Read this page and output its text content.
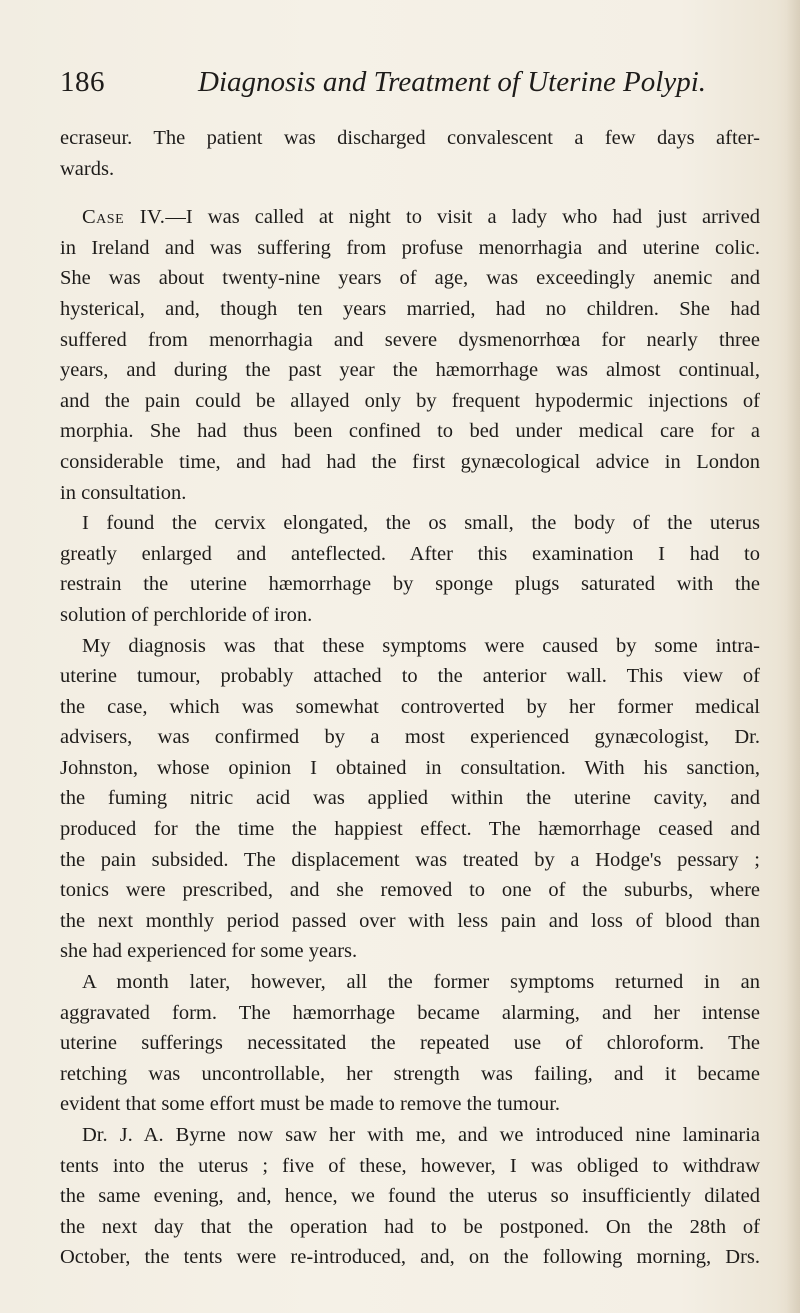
186	Diagnosis and Treatment of Uterine Polypi.
ecraseur. The patient was discharged convalescent a few days after-
wards.
Case IV.—I was called at night to visit a lady who had just arrived
in Ireland and was suffering from profuse menorrhagia and uterine colic.
She was about twenty-nine years of age, was exceedingly anemic and
hysterical, and, though ten years married, had no children. She had
suffered from menorrhagia and severe dysmenorrhœa for nearly three
years, and during the past year the hæmorrhage was almost continual,
and the pain could be allayed only by frequent hypodermic injections of
morphia. She had thus been confined to bed under medical care for a
considerable time, and had had the first gynæcological advice in London
in consultation.
I found the cervix elongated, the os small, the body of the uterus
greatly enlarged and anteflected. After this examination I had to
restrain the uterine hæmorrhage by sponge plugs saturated with the
solution of perchloride of iron.
My diagnosis was that these symptoms were caused by some intra-
uterine tumour, probably attached to the anterior wall. This view of
the case, which was somewhat controverted by her former medical
advisers, was confirmed by a most experienced gynæcologist, Dr.
Johnston, whose opinion I obtained in consultation. With his sanction,
the fuming nitric acid was applied within the uterine cavity, and
produced for the time the happiest effect. The hæmorrhage ceased and
the pain subsided. The displacement was treated by a Hodge's pessary ;
tonics were prescribed, and she removed to one of the suburbs, where
the next monthly period passed over with less pain and loss of blood than
she had experienced for some years.
A month later, however, all the former symptoms returned in an
aggravated form. The hæmorrhage became alarming, and her intense
uterine sufferings necessitated the repeated use of chloroform. The
retching was uncontrollable, her strength was failing, and it became
evident that some effort must be made to remove the tumour.
Dr. J. A. Byrne now saw her with me, and we introduced nine laminaria
tents into the uterus ; five of these, however, I was obliged to withdraw
the same evening, and, hence, we found the uterus so insufficiently dilated
the next day that the operation had to be postponed. On the 28th of
October, the tents were re-introduced, and, on the following morning, Drs.
